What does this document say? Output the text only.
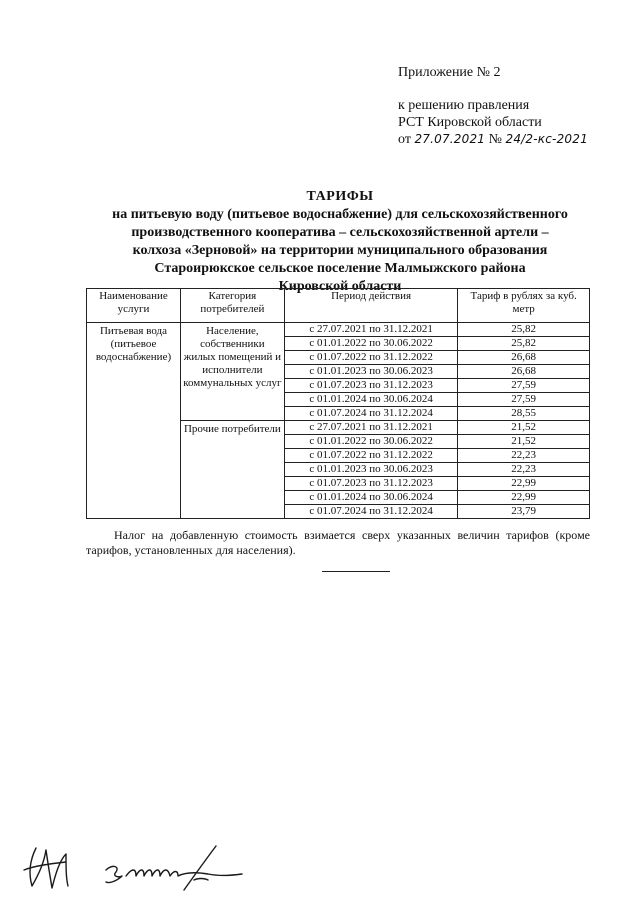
Приложение № 2
к решению правления
РСТ Кировской области
от 27.07.2021 № 24/2-кс-2021
ТАРИФЫ
на питьевую воду (питьевое водоснабжение) для сельскохозяйственного
производственного кооператива – сельскохозяйственной артели –
колхоза «Зерновой» на территории муниципального образования
Староирюкское сельское поселение Малмыжского района
Кировской области
Наименование услуги	Категория потребителей	Период действия	Тариф в рублях за куб. метр
Питьевая вода (питьевое водоснабжение)	Население, собственники жилых помещений и исполнители коммунальных услуг	с 27.07.2021 по 31.12.2021	25,82
		с 01.01.2022 по 30.06.2022	25,82
		с 01.07.2022 по 31.12.2022	26,68
		с 01.01.2023 по 30.06.2023	26,68
		с 01.07.2023 по 31.12.2023	27,59
		с 01.01.2024 по 30.06.2024	27,59
		с 01.07.2024 по 31.12.2024	28,55
	Прочие потребители	с 27.07.2021 по 31.12.2021	21,52
		с 01.01.2022 по 30.06.2022	21,52
		с 01.07.2022 по 31.12.2022	22,23
		с 01.01.2023 по 30.06.2023	22,23
		с 01.07.2023 по 31.12.2023	22,99
		с 01.01.2024 по 30.06.2024	22,99
		с 01.07.2024 по 31.12.2024	23,79
Налог на добавленную стоимость взимается сверх указанных величин тарифов (кроме тарифов, установленных для населения).
